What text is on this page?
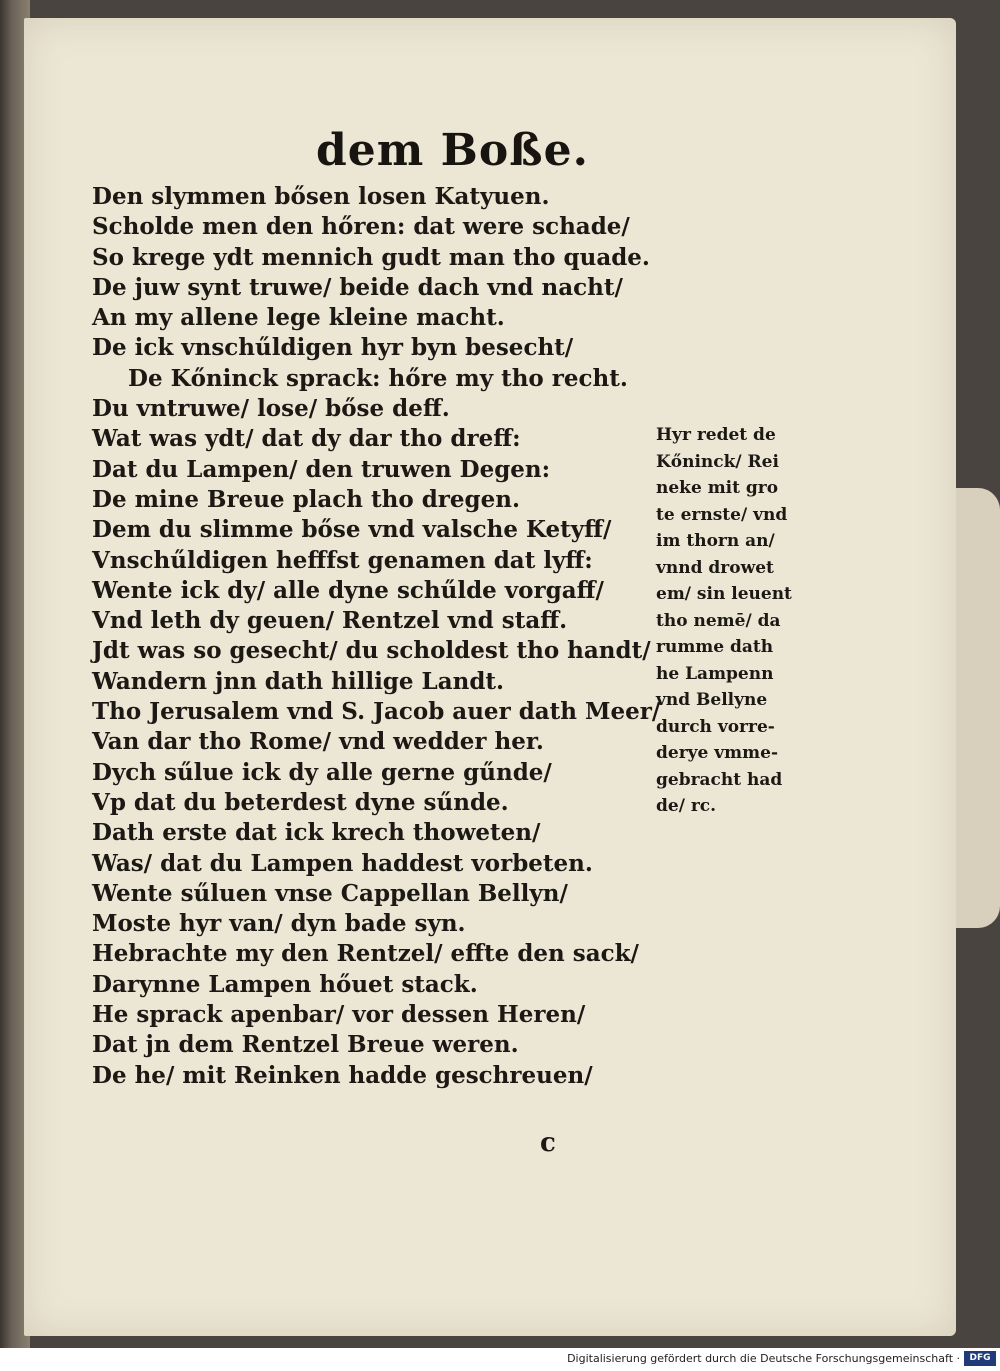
dem Boße.
Den slymmen bősen losen Katyuen.
Scholde men den hőren: dat were schade/
So krege ydt mennich gudt man tho quade.
De juw synt truwe/ beide dach vnd nacht/
An my allene lege kleine macht.
De ick vnschűldigen hyr byn besecht/
De Kőninck sprack: hőre my tho recht.
Du vntruwe/ lose/ bőse deff.
Wat was ydt/ dat dy dar tho dreff:
Dat du Lampen/ den truwen Degen:
De mine Breue plach tho dregen.
Dem du slimme bőse vnd valsche Ketyff/
Vnschűldigen hefffst genamen dat lyff:
Wente ick dy/ alle dyne schűlde vorgaff/
Vnd leth dy geuen/ Rentzel vnd staff.
Jdt was so gesecht/ du scholdest tho handt/
Wandern jnn dath hillige Landt.
Tho Jerusalem vnd S. Jacob auer dath Meer/
Van dar tho Rome/ vnd wedder her.
Dych sűlue ick dy alle gerne gűnde/
Vp dat du beterdest dyne sűnde.
Dath erste dat ick krech thoweten/
Was/ dat du Lampen haddest vorbeten.
Wente sűluen vnse Cappellan Bellyn/
Moste hyr van/ dyn bade syn.
Hebrachte my den Rentzel/ effte den sack/
Darynne Lampen hőuet stack.
He sprack apenbar/ vor dessen Heren/
Dat jn dem Rentzel Breue weren.
De he/ mit Reinken hadde geschreuen/
Hyr redet de
Kőninck/ Rei
neke mit gro
te ernste/ vnd
im thorn an/
vnnd drowet
em/ sin leuent
tho nemē/ da
rumme dath
he Lampenn
vnd Bellyne
durch vorre-
derye vmme-
gebracht had
de/ rc.
c
Digitalisierung gefördert durch die Deutsche Forschungsgemeinschaft ·	DFG
